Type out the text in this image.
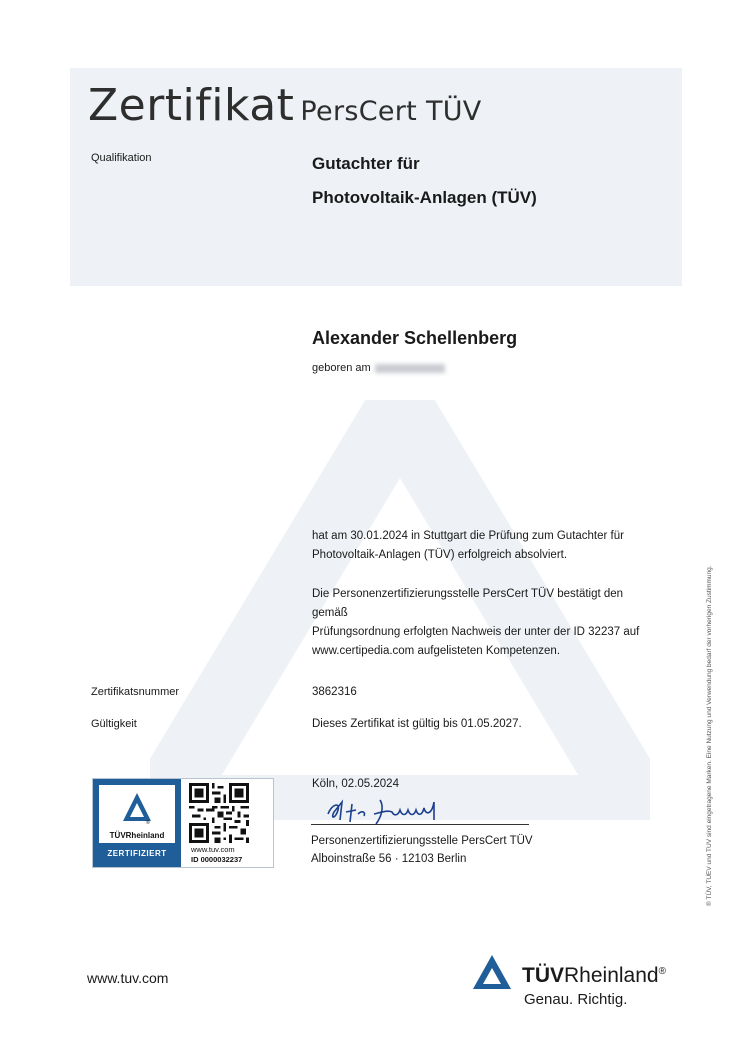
Zertifikat PersCert TÜV
Qualifikation	Gutachter für
Photovoltaik-Anlagen (TÜV)
Alexander Schellenberg
geboren am
hat am 30.01.2024 in Stuttgart die Prüfung zum Gutachter für
Photovoltaik-Anlagen (TÜV) erfolgreich absolviert.
Die Personenzertifizierungsstelle PersCert TÜV bestätigt den gemäß
Prüfungsordnung erfolgten Nachweis der unter der ID 32237 auf
www.certipedia.com aufgelisteten Kompetenzen.
Zertifikatsnummer	3862316
Gültigkeit	Dieses Zertifikat ist gültig bis 01.05.2027.
Köln, 02.05.2024
Personenzertifizierungsstelle PersCert TÜV
Alboinstraße 56 · 12103 Berlin
®
TÜVRheinland
ZERTIFIZIERT	www.tuv.com
ID 0000032237	® TÜV, TUEV und TUV sind eingetragene Marken. Eine Nutzung und Verwendung bedarf der vorherigen Zustimmung.
www.tuv.com	TÜVRheinland®
Genau. Richtig.
